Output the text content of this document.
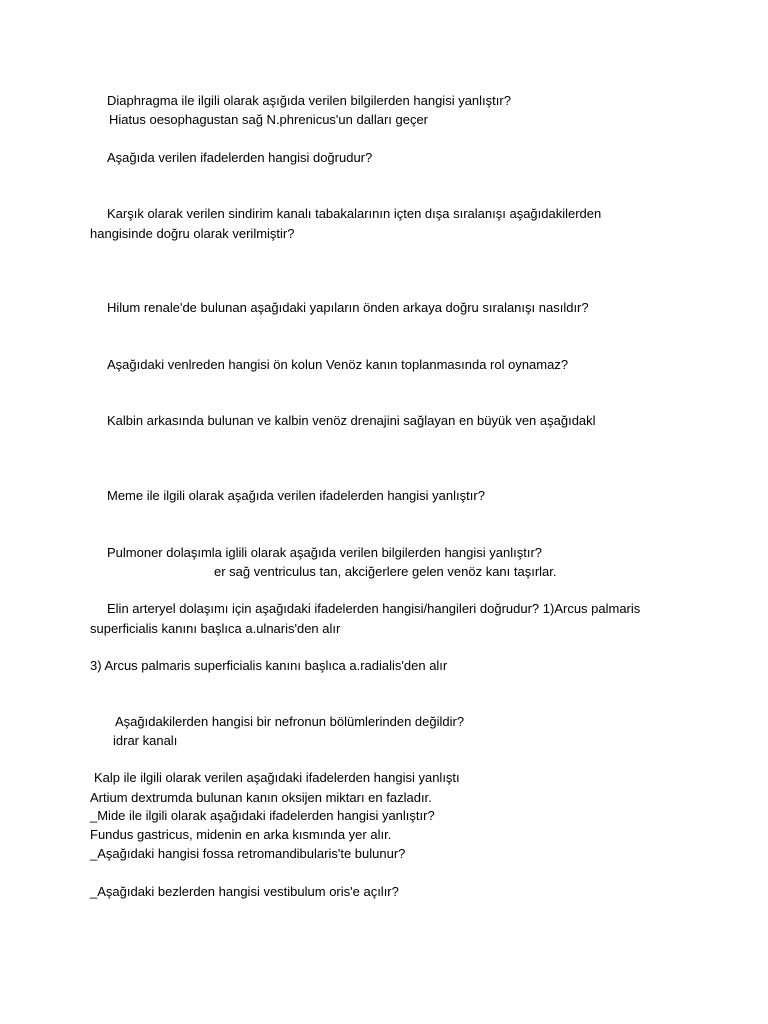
Diaphragma ile ilgili olarak aşığıda verilen bilgilerden hangisi yanlıştır?
Hiatus oesophagustan sağ N.phrenicus'un dalları geçer
Aşağıda verilen ifadelerden hangisi doğrudur?
Karşık olarak verilen sindirim kanalı tabakalarının içten dışa sıralanışı aşağıdakilerden
hangisinde doğru olarak verilmiştir?
Hilum renale'de bulunan aşağıdaki yapıların önden arkaya doğru sıralanışı nasıldır?
Aşağıdaki venlreden hangisi ön kolun Venöz kanın toplanmasında rol oynamaz?
Kalbin arkasında bulunan ve kalbin venöz drenajini sağlayan en büyük ven aşağıdakl
Meme ile ilgili olarak aşağıda verilen ifadelerden hangisi yanlıştır?
Pulmoner dolaşımla iglili olarak aşağıda verilen bilgilerden hangisi yanlıştır?
er sağ ventriculus tan, akciğerlere gelen venöz kanı taşırlar.
Elin arteryel dolaşımı için aşağıdaki ifadelerden hangisi/hangileri doğrudur? 1)Arcus palmaris
superficialis kanını başlıca a.ulnaris'den alır
3) Arcus palmaris superficialis kanını başlıca a.radialis'den alır
Aşağıdakilerden hangisi bir nefronun bölümlerinden değildir?
idrar kanalı
Kalp ile ilgili olarak verilen aşağıdaki ifadelerden hangisi yanlıştı
Artium dextrumda bulunan kanın oksijen miktarı en fazladır.
_Mide ile ilgili olarak aşağıdaki ifadelerden hangisi yanlıştır?
Fundus gastricus, midenin en arka kısmında yer alır.
_Aşağıdaki hangisi fossa retromandibularis'te bulunur?
_Aşağıdaki bezlerden hangisi vestibulum oris'e açılır?
